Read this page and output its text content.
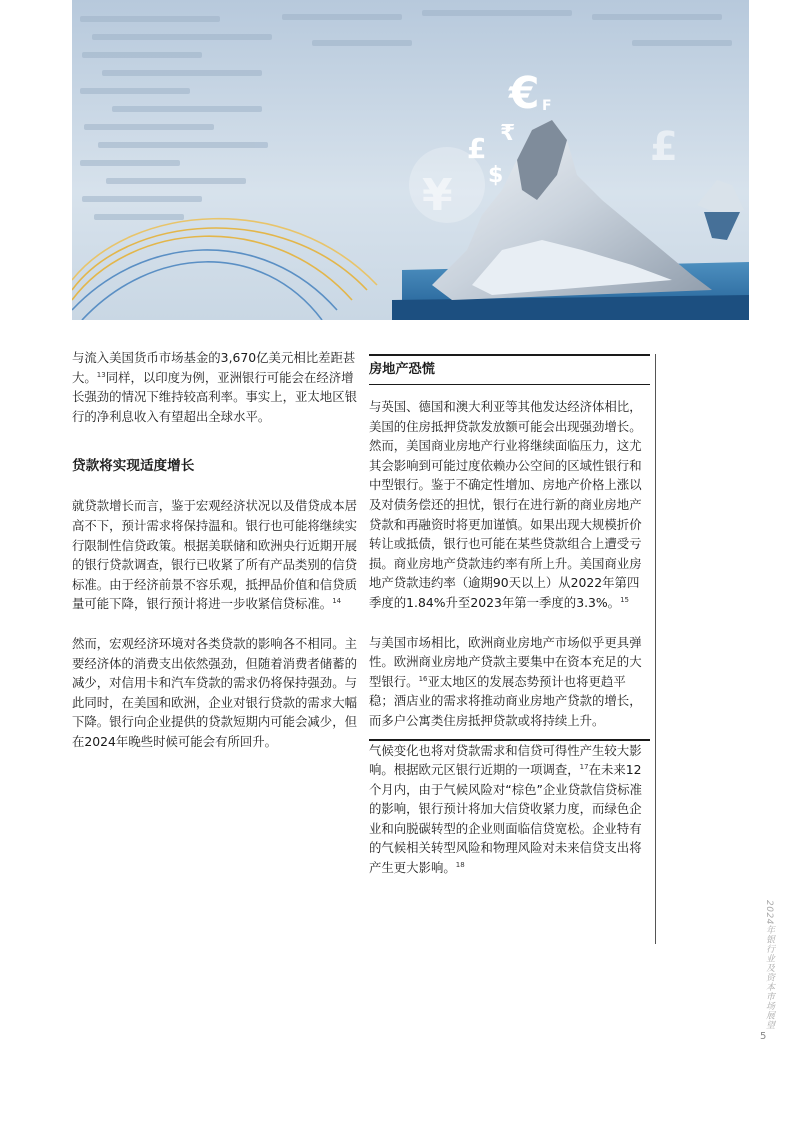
€
£ ₹
$
¥
F
£

与流入美国货币市场基金的3,670亿美元相比差距甚大。$^{13}$同样，以印度为例，亚洲银行可能会在经济增长强劲的情况下维持较高利率。事实上，亚太地区银行的净利息收入有望超出全球水平。

贷款将实现适度增长

就贷款增长而言，鉴于宏观经济状况以及借贷成本居高不下，预计需求将保持温和。银行也可能将继续实行限制性信贷政策。根据美联储和欧洲央行近期开展的银行贷款调查，银行已收紧了所有产品类别的信贷标准。由于经济前景不容乐观，抵押品价值和信贷质量可能下降，银行预计将进一步收紧信贷标准。$^{14}$

然而，宏观经济环境对各类贷款的影响各不相同。主要经济体的消费支出依然强劲，但随着消费者储蓄的减少，对信用卡和汽车贷款的需求仍将保持强劲。与此同时，在美国和欧洲，企业对银行贷款的需求大幅下降。银行向企业提供的贷款短期内可能会减少，但在2024年晚些时候可能会有所回升。

房地产恐慌

与英国、德国和澳大利亚等其他发达经济体相比，美国的住房抵押贷款发放额可能会出现强劲增长。然而，美国商业房地产行业将继续面临压力，这尤其会影响到可能过度依赖办公空间的区域性银行和中型银行。鉴于不确定性增加、房地产价格上涨以及对债务偿还的担忧，银行在进行新的商业房地产贷款和再融资时将更加谨慎。如果出现大规模折价转让或抵债，银行也可能在某些贷款组合上遭受亏损。商业房地产贷款违约率有所上升。美国商业房地产贷款违约率（逾期90天以上）从2022年第四季度的1.84%升至2023年第一季度的3.3%。$^{15}$

与美国市场相比，欧洲商业房地产市场似乎更具弹性。欧洲商业房地产贷款主要集中在资本充足的大型银行。$^{16}$亚太地区的发展态势预计也将更趋平稳；酒店业的需求将推动商业房地产贷款的增长，而多户公寓类住房抵押贷款或将持续上升。

气候变化也将对贷款需求和信贷可得性产生较大影响。根据欧元区银行近期的一项调查，$^{17}$在未来12个月内，由于气候风险对“棕色”企业贷款信贷标准的影响，银行预计将加大信贷收紧力度，而绿色企业和向脱碳转型的企业则面临信贷宽松。企业特有的气候相关转型风险和物理风险对未来信贷支出将产生更大影响。$^{18}$

2024年银行业及资本市场展望
5
